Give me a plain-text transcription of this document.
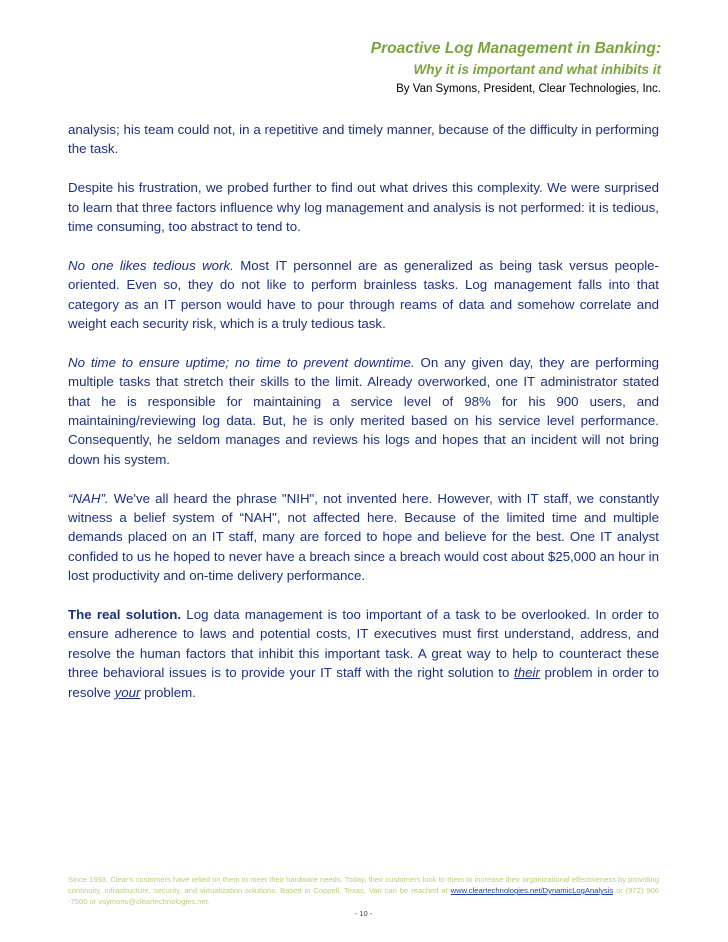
Proactive Log Management in Banking:
Why it is important and what inhibits it
By Van Symons, President, Clear Technologies, Inc.

analysis; his team could not, in a repetitive and timely manner, because of the difficulty in performing the task.

Despite his frustration, we probed further to find out what drives this complexity. We were surprised to learn that three factors influence why log management and analysis is not performed: it is tedious, time consuming, too abstract to tend to.

No one likes tedious work. Most IT personnel are as generalized as being task versus people-oriented. Even so, they do not like to perform brainless tasks. Log management falls into that category as an IT person would have to pour through reams of data and somehow correlate and weight each security risk, which is a truly tedious task.

No time to ensure uptime; no time to prevent downtime. On any given day, they are performing multiple tasks that stretch their skills to the limit. Already overworked, one IT administrator stated that he is responsible for maintaining a service level of 98% for his 900 users, and maintaining/reviewing log data. But, he is only merited based on his service level performance. Consequently, he seldom manages and reviews his logs and hopes that an incident will not bring down his system.

“NAH”. We've all heard the phrase "NIH", not invented here. However, with IT staff, we constantly witness a belief system of “NAH", not affected here. Because of the limited time and multiple demands placed on an IT staff, many are forced to hope and believe for the best. One IT analyst confided to us he hoped to never have a breach since a breach would cost about $25,000 an hour in lost productivity and on-time delivery performance.

The real solution. Log data management is too important of a task to be overlooked. In order to ensure adherence to laws and potential costs, IT executives must first understand, address, and resolve the human factors that inhibit this important task. A great way to help to counteract these three behavioral issues is to provide your IT staff with the right solution to their problem in order to resolve your problem.

Since 1993, Clear's customers have relied on them to meet their hardware needs. Today, their customers look to them to increase their organizational effectiveness by providing continuity, infrastructure, security, and virtualization solutions. Based in Coppell, Texas, Van can be reached at www.cleartechnologies.net/DynamicLogAnalysis or (972) 906 -7500 or vsymons@cleartechnologies.net.

- 10 -
